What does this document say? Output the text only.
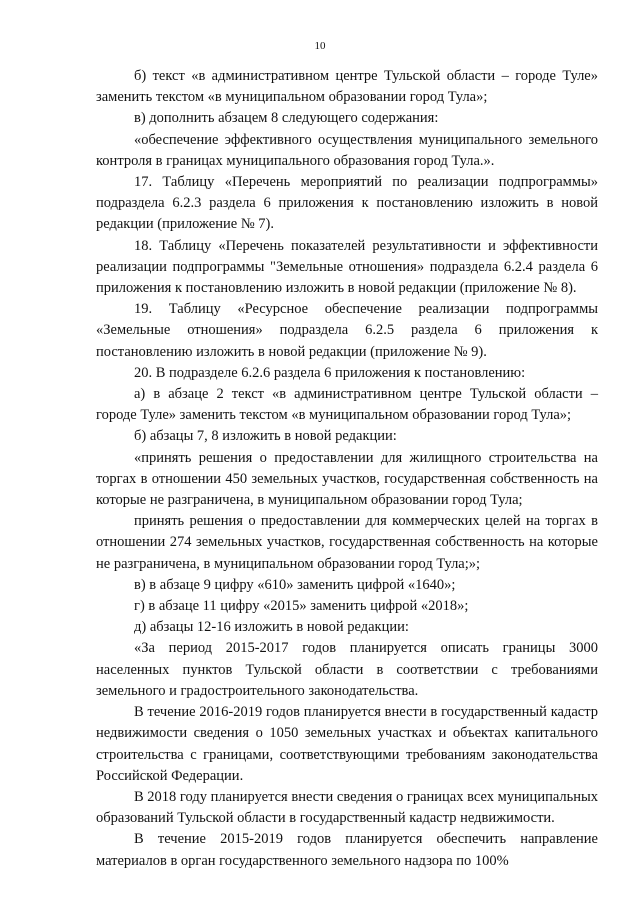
10

б) текст «в административном центре Тульской области – городе Туле» заменить текстом «в муниципальном образовании город Тула»;

в) дополнить абзацем 8 следующего содержания:

«обеспечение эффективного осуществления муниципального земельного контроля в границах муниципального образования город Тула.».

17. Таблицу «Перечень мероприятий по реализации подпрограммы» подраздела 6.2.3 раздела 6 приложения к постановлению изложить в новой редакции (приложение № 7).

18. Таблицу «Перечень показателей результативности и эффективности реализации подпрограммы "Земельные отношения» подраздела 6.2.4 раздела 6 приложения к постановлению изложить в новой редакции (приложение № 8).

19. Таблицу «Ресурсное обеспечение реализации подпрограммы «Земельные отношения» подраздела 6.2.5 раздела 6 приложения к постановлению изложить в новой редакции (приложение № 9).

20. В подразделе 6.2.6 раздела 6 приложения к постановлению:

а) в абзаце 2 текст «в административном центре Тульской области – городе Туле» заменить текстом «в муниципальном образовании город Тула»;

б) абзацы 7, 8 изложить в новой редакции:

«принять решения о предоставлении для жилищного строительства на торгах в отношении 450 земельных участков, государственная собственность на которые не разграничена, в муниципальном образовании город Тула;

принять решения о предоставлении для коммерческих целей на торгах в отношении 274 земельных участков, государственная собственность на которые не разграничена, в муниципальном образовании город Тула;»;

в) в абзаце 9 цифру «610» заменить цифрой «1640»;

г) в абзаце 11 цифру «2015» заменить цифрой «2018»;

д) абзацы 12-16 изложить в новой редакции:

«За период 2015-2017 годов планируется описать границы 3000 населенных пунктов Тульской области в соответствии с требованиями земельного и градостроительного законодательства.

В течение 2016-2019 годов планируется внести в государственный кадастр недвижимости сведения о 1050 земельных участках и объектах капитального строительства с границами, соответствующими требованиям законодательства Российской Федерации.

В 2018 году планируется внести сведения о границах всех муниципальных образований Тульской области в государственный кадастр недвижимости.

В течение 2015-2019 годов планируется обеспечить направление материалов в орган государственного земельного надзора по 100%
